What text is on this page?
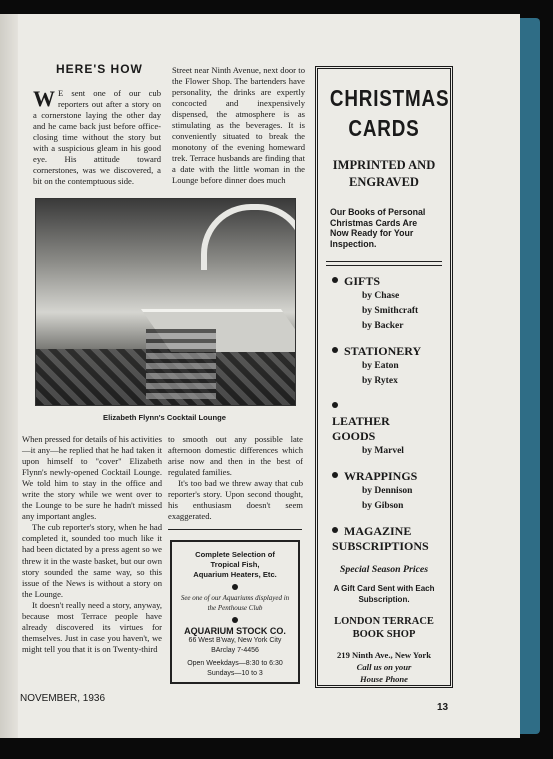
HERE'S HOW
W E sent one of our cub reporters out after a story on a cornerstone laying the other day and he came back just before office-closing time without the story but with a suspicious gleam in his good eye. His attitude toward cornerstones, was we discovered, a bit on the contemptuous side.
Street near Ninth Avenue, next door to the Flower Shop. The bartenders have personality, the drinks are expertly concocted and inexpensively dispensed, the atmosphere is as stimulating as the beverages. It is conveniently situated to break the monotony of the evening homeward trek. Terrace husbands are finding that a date with the little woman in the Lounge before dinner does much
Elizabeth Flynn's Cocktail Lounge

When pressed for details of his activities—it any—he replied that he had taken it upon himself to "cover" Elizabeth Flynn's newly-opened Cocktail Lounge. We told him to stay in the office and write the story while we went over to the Lounge to be sure he hadn't missed any important angles.

The cub reporter's story, when he had completed it, sounded too much like it had been dictated by a press agent so we threw it in the waste basket, but our own story sounded the same way, so this issue of the News is without a story on the Lounge.

It doesn't really need a story, anyway, because most Terrace people have already discovered its virtues for themselves. Just in case you haven't, we might tell you that it is on Twenty-third

to smooth out any possible late afternoon domestic differences which arise now and then in the best of regulated families.

It's too bad we threw away that cub reporter's story. Upon second thought, his enthusiasm doesn't seem exaggerated.

Complete Selection of
Tropical Fish,
Aquarium Heaters, Etc.
See one of our Aquariums displayed in the Penthouse Club
AQUARIUM STOCK CO.
66 West B'way, New York City
BArclay 7-4456
Open Weekdays—8:30 to 6:30
Sundays—10 to 3
CHRISTMAS
CARDS
IMPRINTED AND
ENGRAVED
Our Books of Personal Christmas Cards Are Now Ready for Your Inspection.
GIFTS
by Chase
by Smithcraft
by Backer
STATIONERY
by Eaton
by Rytex
LEATHER GOODS
by Marvel
WRAPPINGS
by Dennison
by Gibson
MAGAZINE SUBSCRIPTIONS
Special Season Prices
A Gift Card Sent with Each Subscription.
LONDON TERRACE
BOOK SHOP
219 Ninth Ave., New York
Call us on your
House Phone
NOVEMBER, 1936
13
